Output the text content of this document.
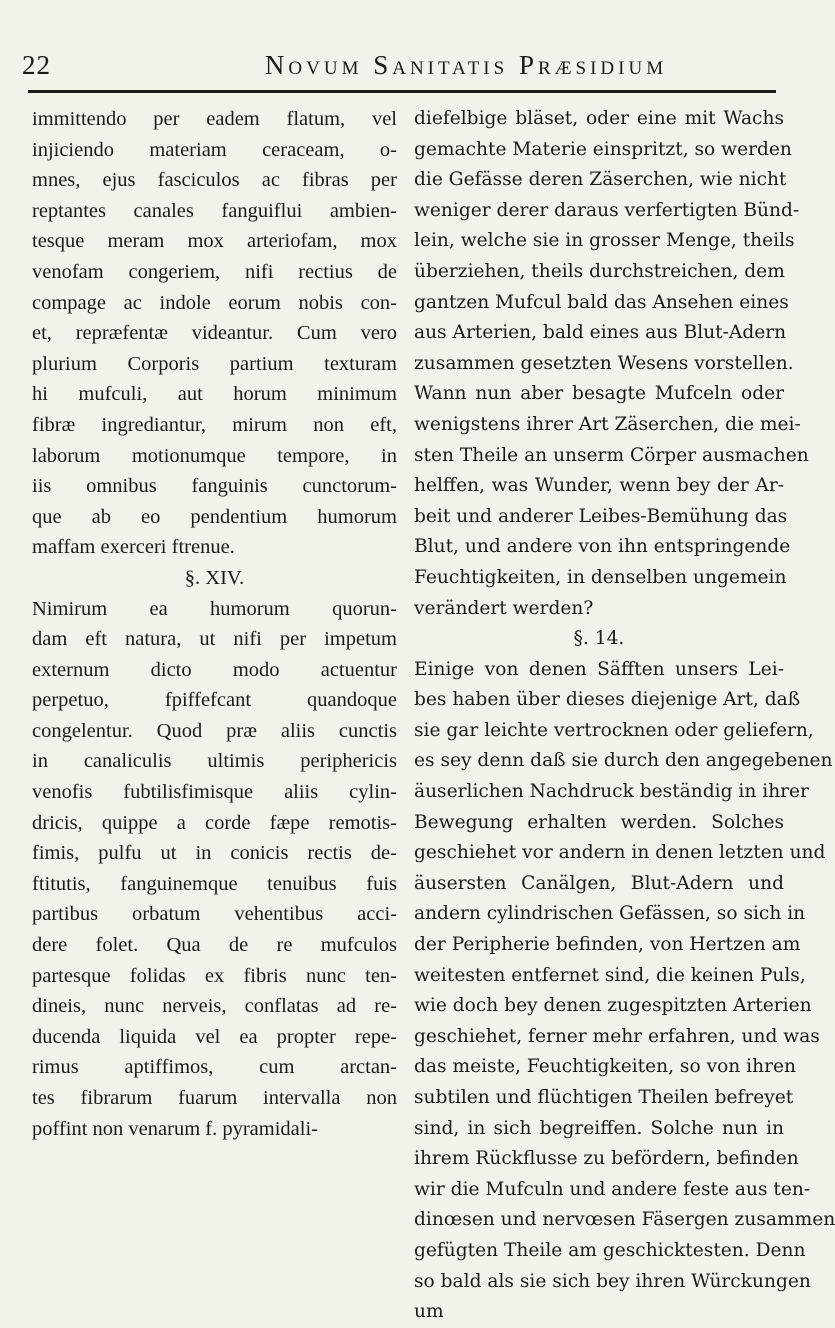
22	Novum Sanitatis Præsidium
immittendo per eadem flatum, vel
injiciendo materiam ceraceam, o-
mnes, ejus fasciculos ac fibras per
reptantes canales fanguiflui ambien-
tesque meram mox arteriofam, mox
venofam congeriem, nifi rectius de
compage ac indole eorum nobis con-
et, repræfentæ videantur. Cum vero
plurium Corporis partium texturam
hi mufculi, aut horum minimum
fibræ ingrediantur, mirum non eft,
laborum motionumque tempore, in
iis omnibus fanguinis cunctorum-
que ab eo pendentium humorum
maffam exerceri ftrenue.
§. XIV.
Nimirum ea humorum quorun-
dam eft natura, ut nifi per impetum
externum dicto modo actuentur
perpetuo, fpiffefcant quandoque
congelentur. Quod præ aliis cunctis
in canaliculis ultimis periphericis
venofis fubtilisfimisque aliis cylin-
dricis, quippe a corde fæpe remotis-
fimis, pulfu ut in conicis rectis de-
ftitutis, fanguinemque tenuibus fuis
partibus orbatum vehentibus acci-
dere folet. Qua de re mufculos
partesque folidas ex fibris nunc ten-
dineis, nunc nerveis, conflatas ad re-
ducenda liquida vel ea propter repe-
rimus aptiffimos, cum arctan-
tes fibrarum fuarum intervalla non
poffint non venarum f. pyramidali-
diefelbige bläset, oder eine mit Wachs
gemachte Materie einspritzt, so werden
die Gefässe deren Zäserchen, wie nicht
weniger derer daraus verfertigten Bünd-
lein, welche sie in grosser Menge, theils
überziehen, theils durchstreichen, dem
gantzen Mufcul bald das Ansehen eines
aus Arterien, bald eines aus Blut-Adern
zusammen gesetzten Wesens vorstellen.
Wann nun aber besagte Mufceln oder
wenigstens ihrer Art Zäserchen, die mei-
sten Theile an unserm Cörper ausmachen
helffen, was Wunder, wenn bey der Ar-
beit und anderer Leibes-Bemühung das
Blut, und andere von ihn entspringende
Feuchtigkeiten, in denselben ungemein
verändert werden?
§. 14.
Einige von denen Säfften unsers Lei-
bes haben über dieses diejenige Art, daß
sie gar leichte vertrocknen oder geliefern,
es sey denn daß sie durch den angegebenen
äuserlichen Nachdruck beständig in ihrer
Bewegung erhalten werden. Solches
geschiehet vor andern in denen letzten und
äusersten Canälgen, Blut-Adern und
andern cylindrischen Gefässen, so sich in
der Peripherie befinden, von Hertzen am
weitesten entfernet sind, die keinen Puls,
wie doch bey denen zugespitzten Arterien
geschiehet, ferner mehr erfahren, und was
das meiste, Feuchtigkeiten, so von ihren
subtilen und flüchtigen Theilen befreyet
sind, in sich begreiffen. Solche nun in
ihrem Rückflusse zu befördern, befinden
wir die Mufculn und andere feste aus ten-
dinœsen und nervœsen Fäsergen zusammen
gefügten Theile am geschicktesten. Denn
so bald als sie sich bey ihren Würckungen
um
